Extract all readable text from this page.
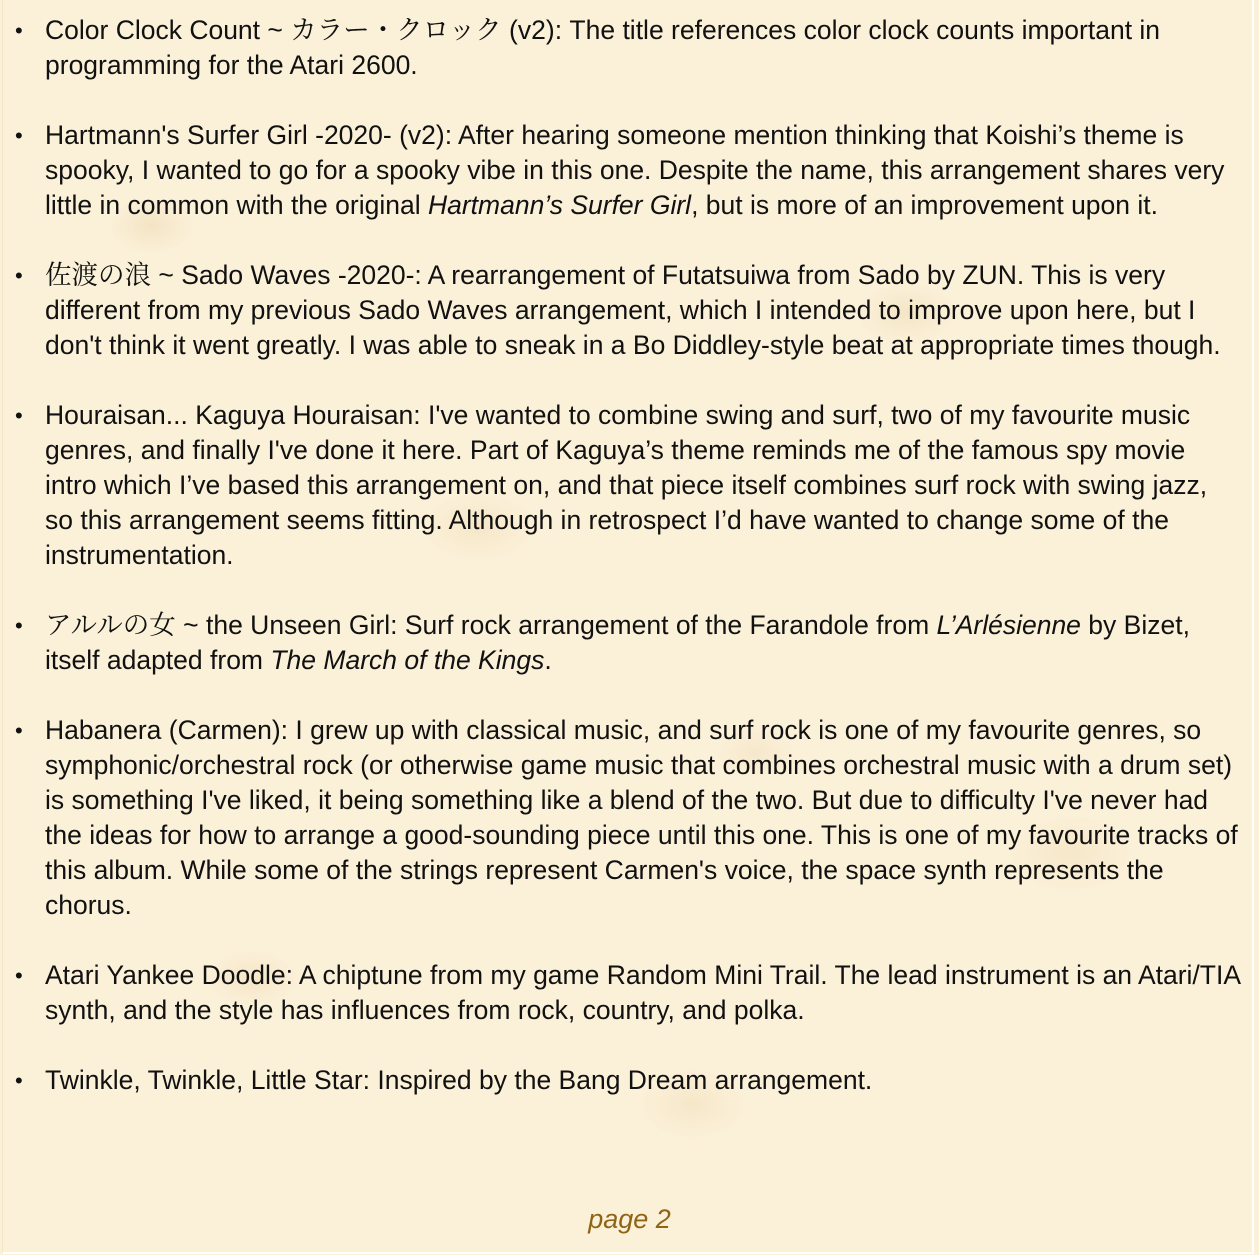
• Color Clock Count ~ カラー・クロック (v2): The title references color clock counts important in programming for the Atari 2600.
• Hartmann's Surfer Girl -2020- (v2): After hearing someone mention thinking that Koishi’s theme is spooky, I wanted to go for a spooky vibe in this one. Despite the name, this arrangement shares very little in common with the original Hartmann’s Surfer Girl, but is more of an improvement upon it.
• 佐渡の浪 ~ Sado Waves -2020-: A rearrangement of Futatsuiwa from Sado by ZUN. This is very different from my previous Sado Waves arrangement, which I intended to improve upon here, but I don't think it went greatly. I was able to sneak in a Bo Diddley-style beat at appropriate times though.
• Houraisan... Kaguya Houraisan: I've wanted to combine swing and surf, two of my favourite music genres, and finally I've done it here. Part of Kaguya’s theme reminds me of the famous spy movie intro which I’ve based this arrangement on, and that piece itself combines surf rock with swing jazz, so this arrangement seems fitting. Although in retrospect I’d have wanted to change some of the instrumentation.
• アルルの女 ~ the Unseen Girl: Surf rock arrangement of the Farandole from L’Arlésienne by Bizet, itself adapted from The March of the Kings.
• Habanera (Carmen): I grew up with classical music, and surf rock is one of my favourite genres, so symphonic/orchestral rock (or otherwise game music that combines orchestral music with a drum set) is something I've liked, it being something like a blend of the two. But due to difficulty I've never had the ideas for how to arrange a good-sounding piece until this one. This is one of my favourite tracks of this album. While some of the strings represent Carmen's voice, the space synth represents the chorus.
• Atari Yankee Doodle: A chiptune from my game Random Mini Trail. The lead instrument is an Atari/TIA synth, and the style has influences from rock, country, and polka.
• Twinkle, Twinkle, Little Star: Inspired by the Bang Dream arrangement.
page 2
